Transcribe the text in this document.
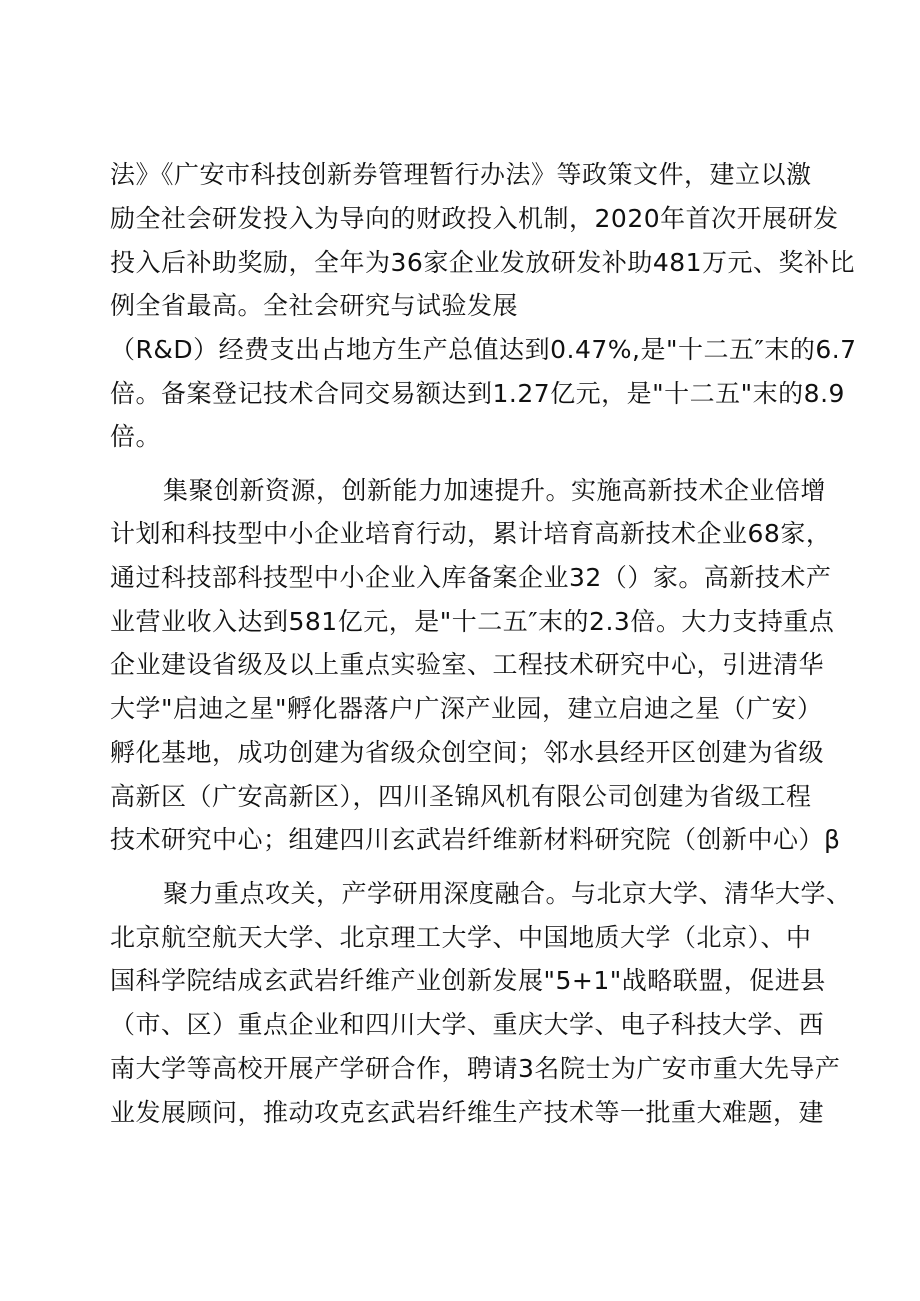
法》《广安市科技创新券管理暂行办法》等政策文件，建立以激
励全社会研发投入为导向的财政投入机制，2020年首次开展研发
投入后补助奖励，全年为36家企业发放研发补助481万元、奖补比
例全省最高。全社会研究与试验发展
（R&D）经费支出占地方生产总值达到0.47%,是"十二五″末的6.7
倍。备案登记技术合同交易额达到1.27亿元，是"十二五"末的8.9
倍。
集聚创新资源，创新能力加速提升。实施高新技术企业倍增
计划和科技型中小企业培育行动，累计培育高新技术企业68家，
通过科技部科技型中小企业入库备案企业32（）家。高新技术产
业营业收入达到581亿元，是"十二五″末的2.3倍。大力支持重点
企业建设省级及以上重点实验室、工程技术研究中心，引进清华
大学"启迪之星"孵化器落户广深产业园，建立启迪之星（广安）
孵化基地，成功创建为省级众创空间；邻水县经开区创建为省级
高新区（广安高新区），四川圣锦风机有限公司创建为省级工程
技术研究中心；组建四川玄武岩纤维新材料研究院（创新中心）β
聚力重点攻关，产学研用深度融合。与北京大学、清华大学、
北京航空航天大学、北京理工大学、中国地质大学（北京）、中
国科学院结成玄武岩纤维产业创新发展"5+1"战略联盟，促进县
（市、区）重点企业和四川大学、重庆大学、电子科技大学、西
南大学等高校开展产学研合作，聘请3名院士为广安市重大先导产
业发展顾问，推动攻克玄武岩纤维生产技术等一批重大难题，建
